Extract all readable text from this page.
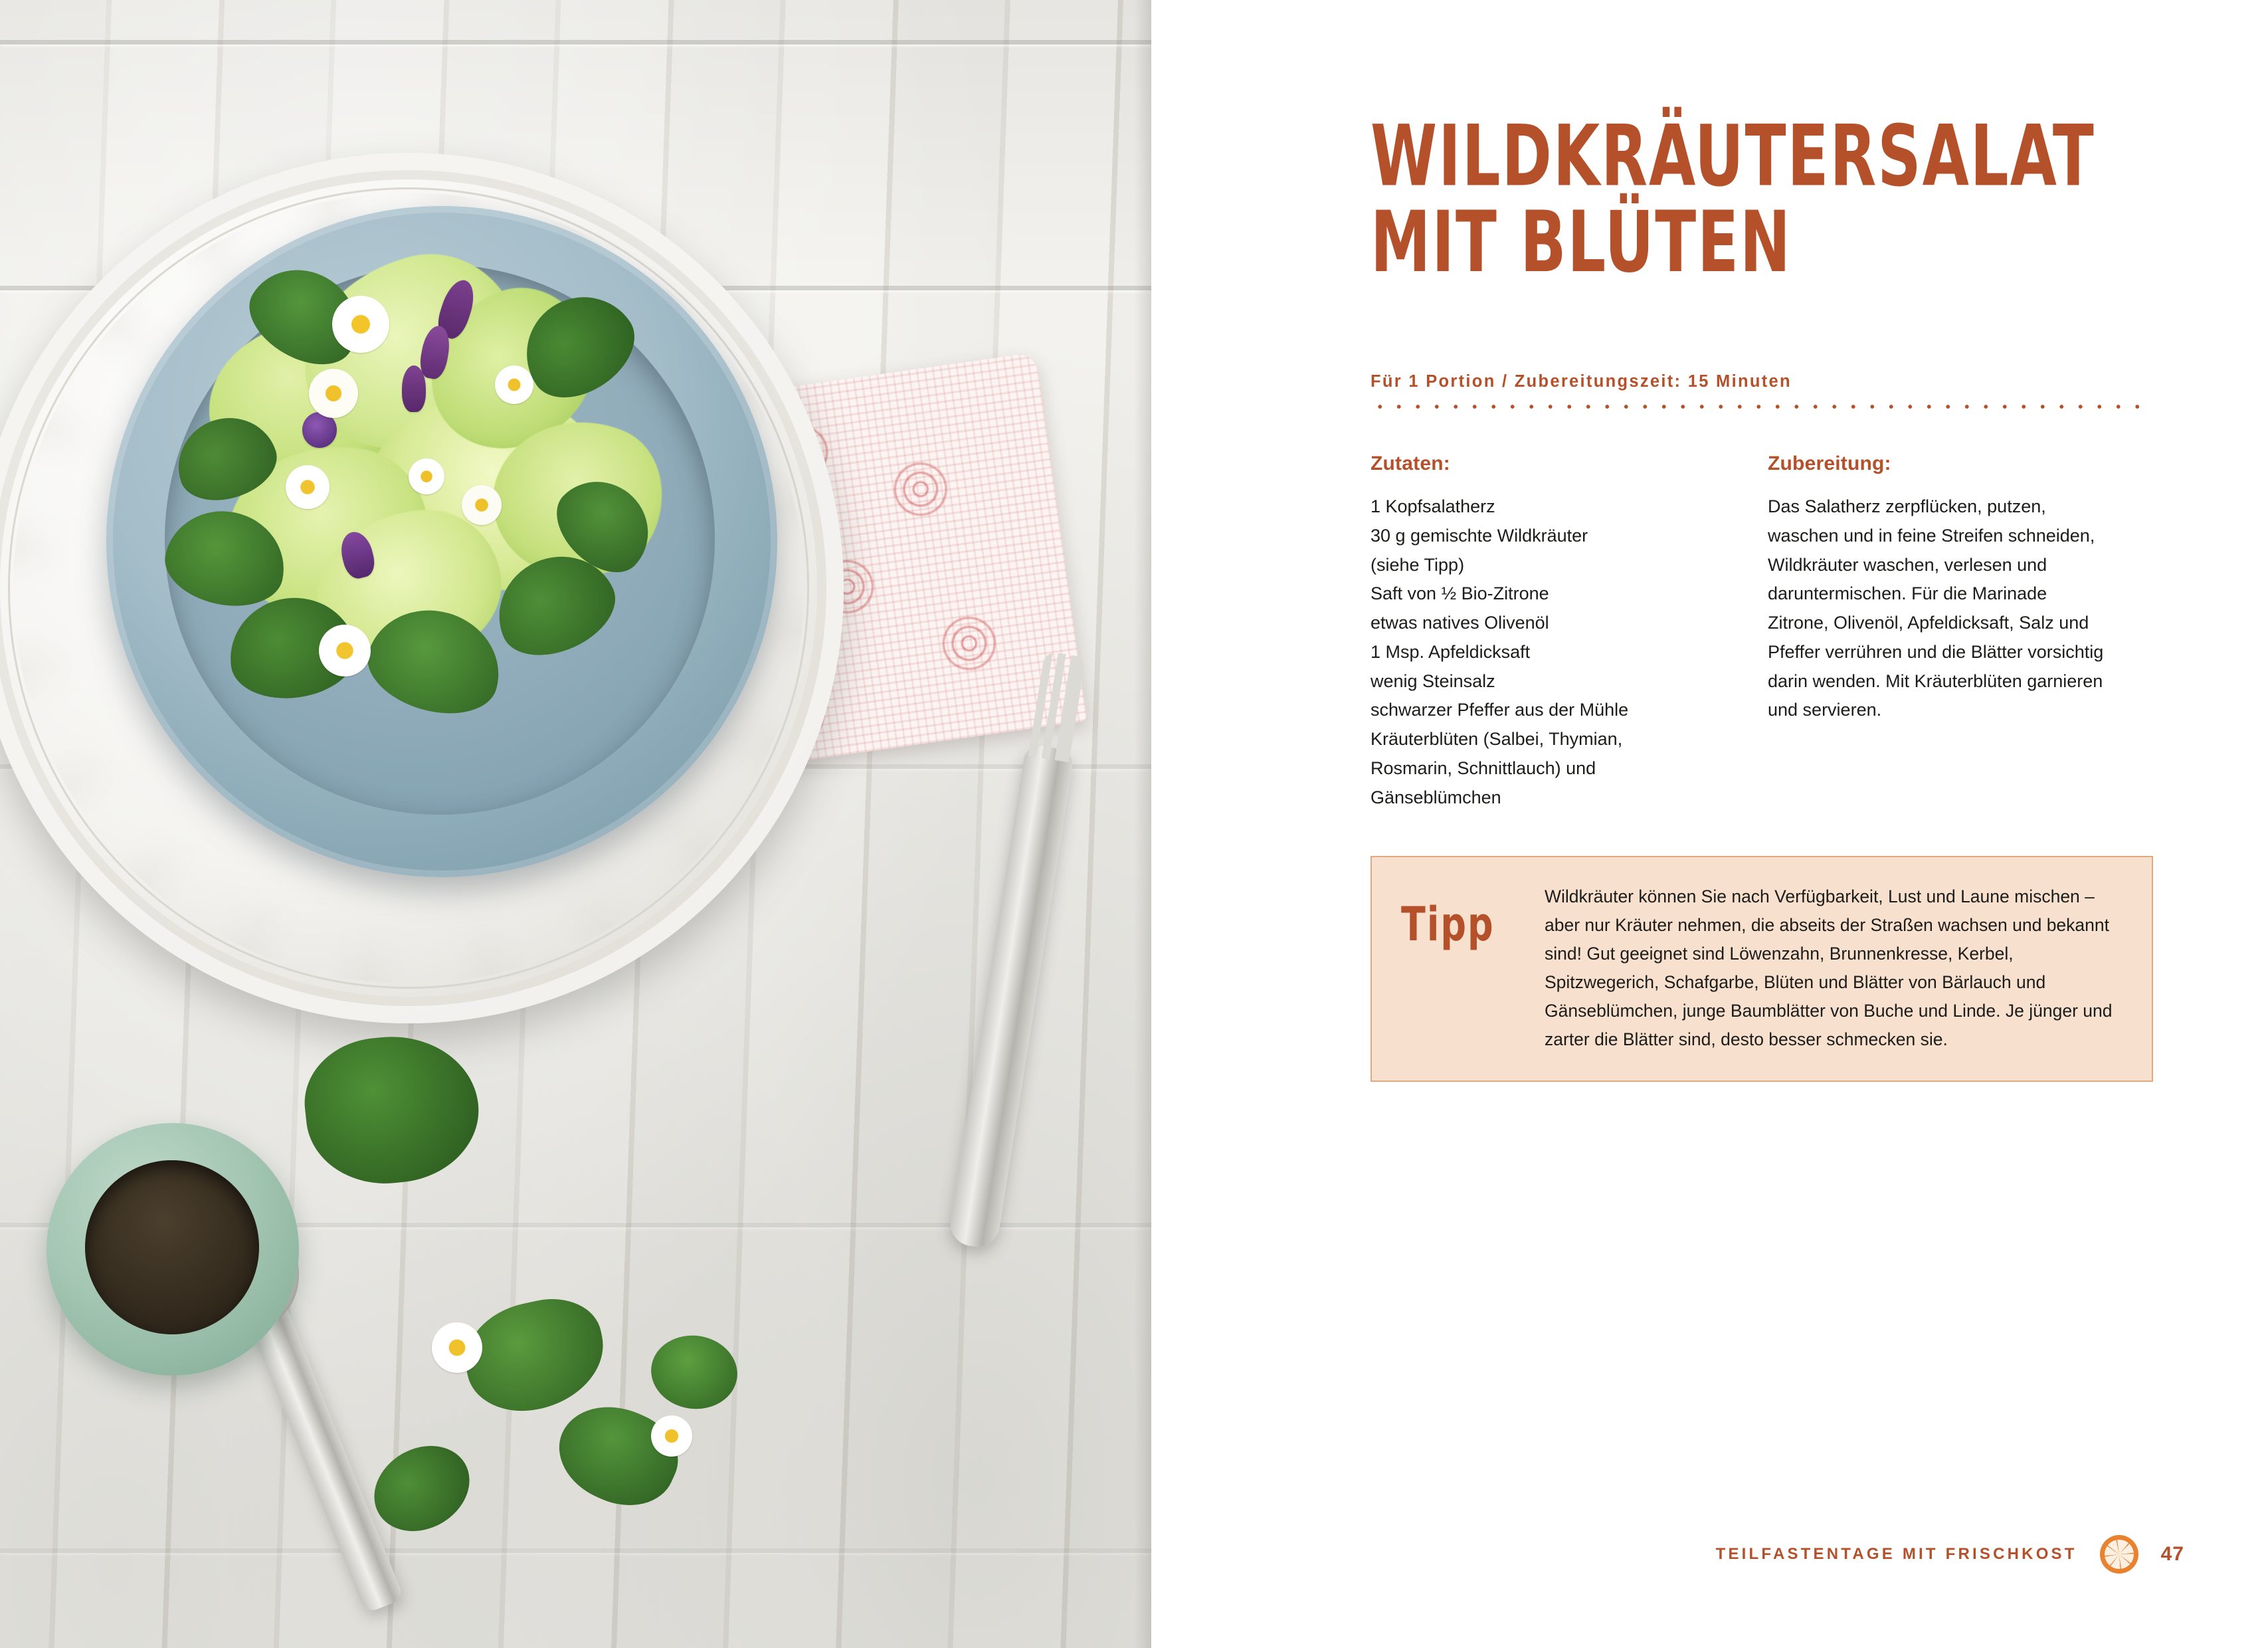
WILDKRÄUTERSALAT
MIT BLÜTEN
Für 1 Portion / Zubereitungszeit: 15 Minuten
Zutaten:
1 Kopfsalatherz
30 g gemischte Wildkräuter
(siehe Tipp)
Saft von ½ Bio-Zitrone
etwas natives Olivenöl
1 Msp. Apfeldicksaft
wenig Steinsalz
schwarzer Pfeffer aus der Mühle
Kräuterblüten (Salbei, Thymian,
Rosmarin, Schnittlauch) und
Gänseblümchen
Zubereitung:

Das Salatherz zerpflücken, putzen, waschen und in feine Streifen schneiden, Wildkräuter waschen, verlesen und daruntermischen. Für die Marinade Zitrone, Olivenöl, Apfeldicksaft, Salz und Pfeffer verrühren und die Blätter vorsichtig darin wenden. Mit Kräuterblüten garnieren und servieren.

Tipp
Wildkräuter können Sie nach Verfügbarkeit, Lust und Laune mischen – aber nur Kräuter nehmen, die abseits der Straßen wachsen und bekannt sind! Gut geeignet sind Löwenzahn, Brunnenkresse, Kerbel, Spitzwegerich, Schafgarbe, Blüten und Blätter von Bärlauch und Gänseblümchen, junge Baumblätter von Buche und Linde. Je jünger und zarter die Blätter sind, desto besser schmecken sie.
TEILFASTENTAGE MIT FRISCHKOST	47
